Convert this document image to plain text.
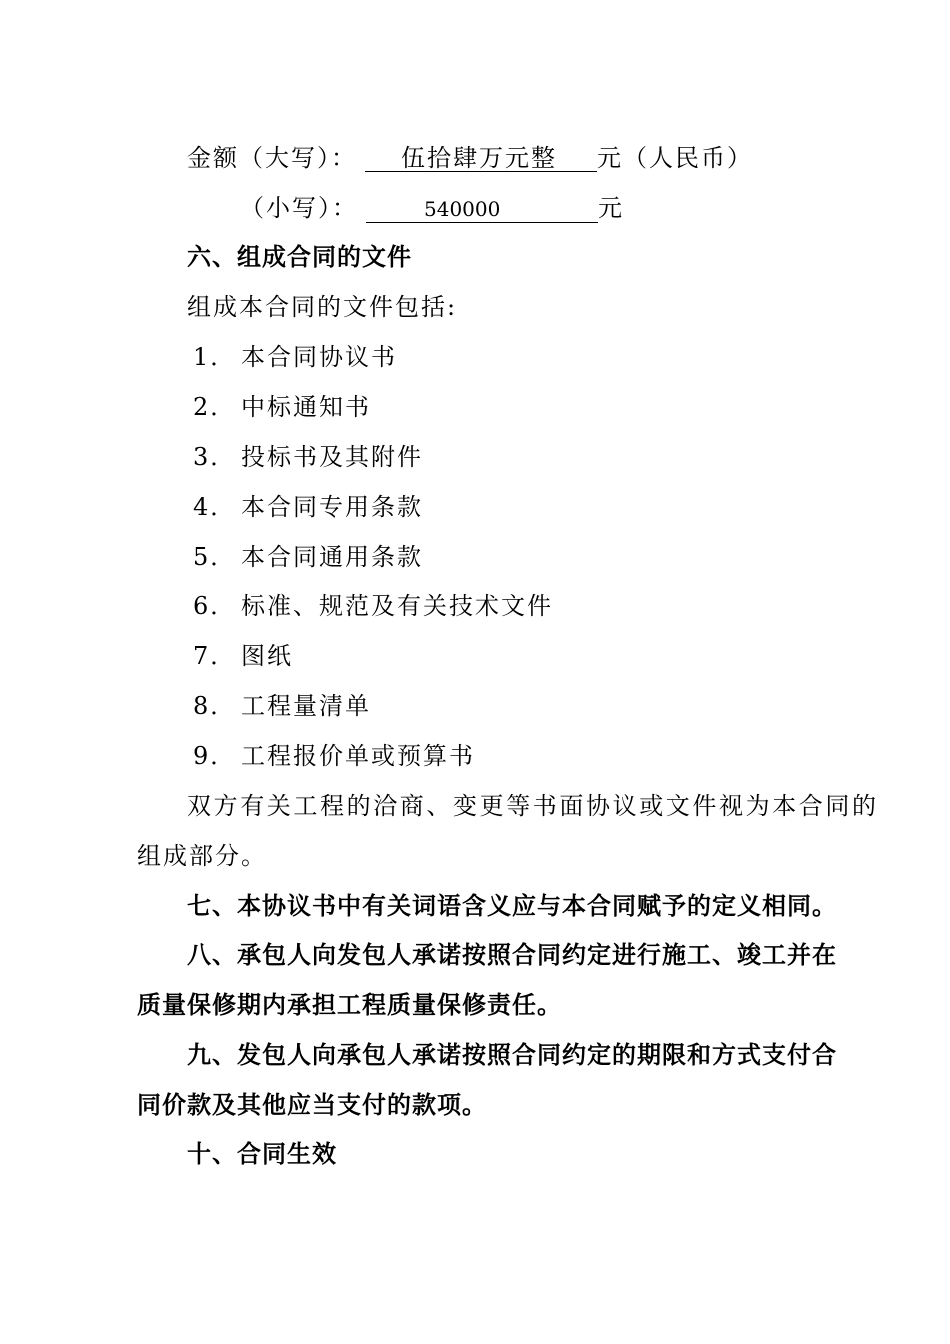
金额（大写）： 伍拾肆万元整 元（人民币）
（小写）：	540000	元
六、组成合同的文件
组成本合同的文件包括:
1． 本合同协议书
2． 中标通知书
3． 投标书及其附件
4． 本合同专用条款
5． 本合同通用条款
6． 标准、规范及有关技术文件
7． 图纸
8． 工程量清单
9． 工程报价单或预算书
双方有关工程的洽商、变更等书面协议或文件视为本合同的
组成部分。
七、本协议书中有关词语含义应与本合同赋予的定义相同。
八、承包人向发包人承诺按照合同约定进行施工、竣工并在
质量保修期内承担工程质量保修责任。
九、发包人向承包人承诺按照合同约定的期限和方式支付合
同价款及其他应当支付的款项。
十、合同生效
